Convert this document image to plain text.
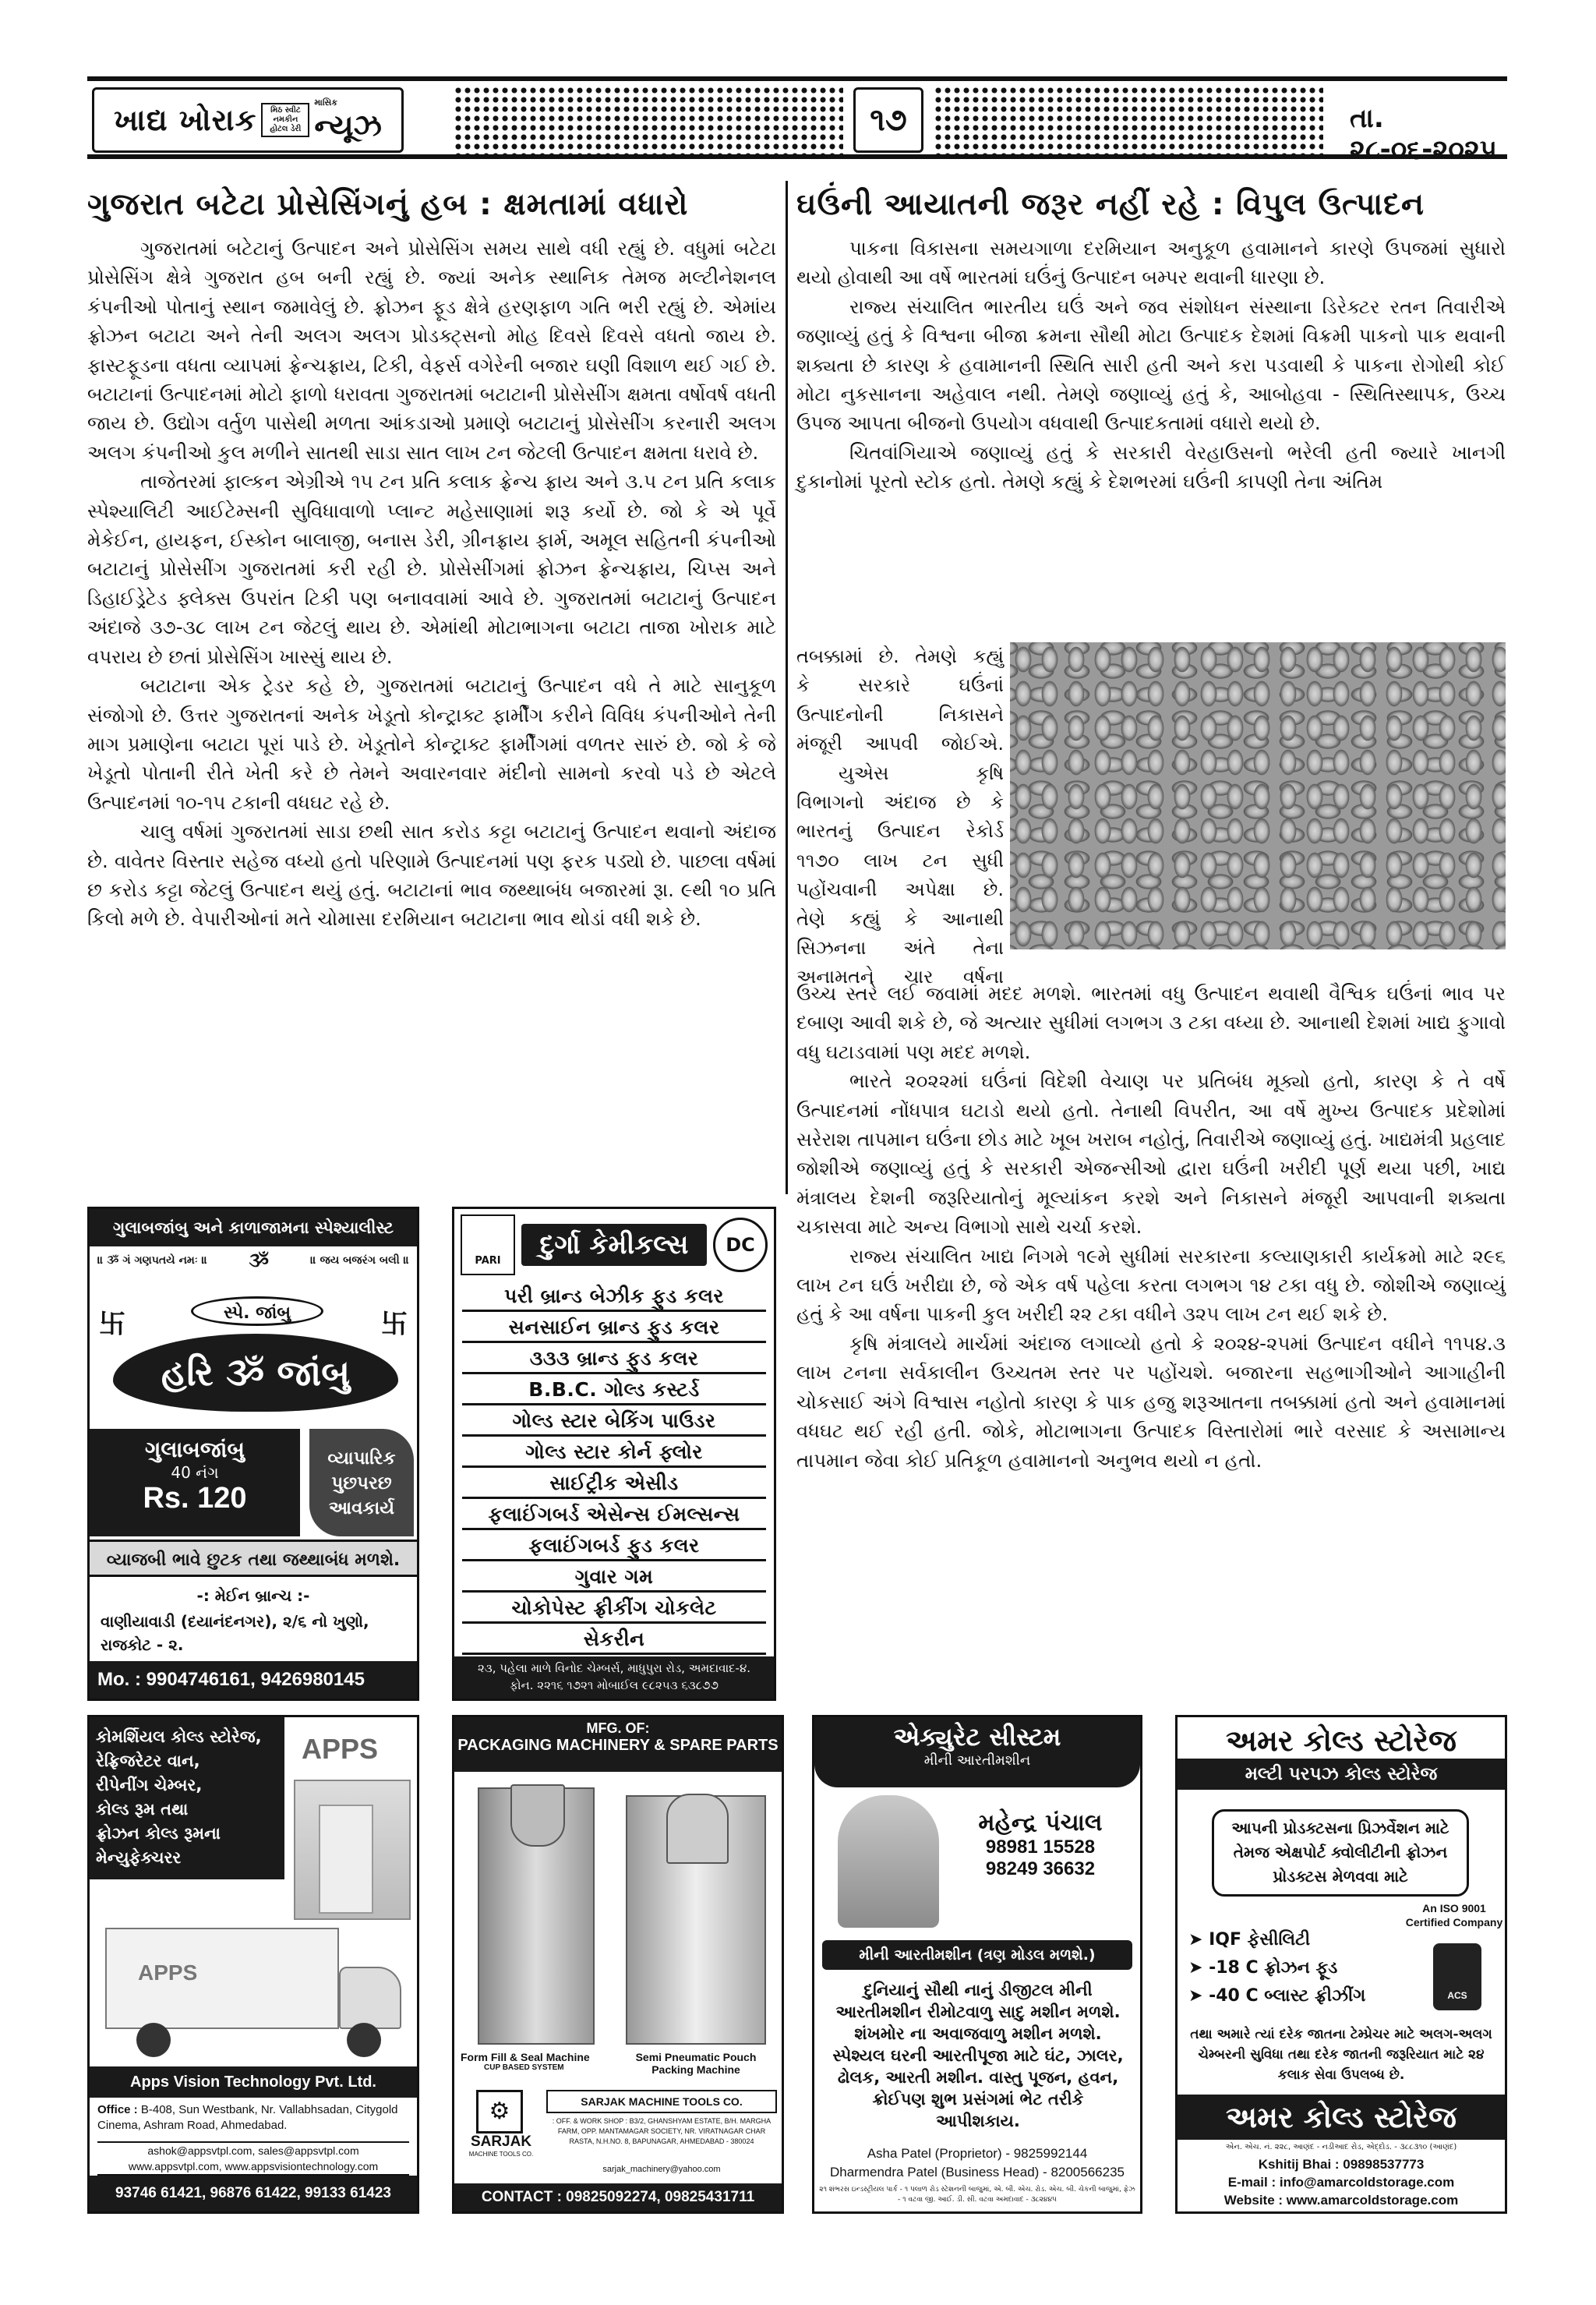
ખાદ્ય ખોરાક	મિઠ સ્વીટ નમકીન હોટલ ડેરી
માસિક
ન્યૂઝ	૧૭	તા. ૨૮-૦૬-૨૦૨૫
ગુજરાત બટેટા પ્રોસેસિંગનું હબ : ક્ષમતામાં વધારો

ગુજરાતમાં બટેટાનું ઉત્પાદન અને પ્રોસેસિંગ સમય સાથે વધી રહ્યું છે. વધુમાં બટેટા પ્રોસેસિંગ ક્ષેત્રે ગુજરાત હબ બની રહ્યું છે. જ્યાં અનેક સ્થાનિક તેમજ મલ્ટીનેશનલ કંપનીઓ પોતાનું સ્થાન જમાવેલું છે. ફ્રોઝન ફૂડ ક્ષેત્રે હરણફાળ ગતિ ભરી રહ્યું છે. એમાંય ફ્રોઝન બટાટા અને તેની અલગ અલગ પ્રોડક્ટ્સનો મોહ દિવસે દિવસે વધતો જાય છે. ફાસ્ટફૂડના વધતા વ્યાપમાં ફ્રેન્ચફ્રાય, ટિકી, વેફર્સ વગેરેની બજાર ઘણી વિશાળ થઈ ગઈ છે. બટાટાનાં ઉત્પાદનમાં મોટો ફાળો ધરાવતા ગુજરાતમાં બટાટાની પ્રોસેસીંગ ક્ષમતા વર્ષોવર્ષ વધતી જાય છે. ઉદ્યોગ વર્તુળ પાસેથી મળતા આંકડાઓ પ્રમાણે બટાટાનું પ્રોસેસીંગ કરનારી અલગ અલગ કંપનીઓ કુલ મળીને સાતથી સાડા સાત લાખ ટન જેટલી ઉત્પાદન ક્ષમતા ધરાવે છે.

તાજેતરમાં ફાલ્કન એગ્રીએ ૧૫ ટન પ્રતિ કલાક ફ્રેન્ચ ફ્રાય અને ૩.૫ ટન પ્રતિ કલાક સ્પેશ્યાલિટી આઈટેમ્સની સુવિધાવાળો પ્લાન્ટ મહેસાણામાં શરૂ કર્યો છે. જો કે એ પૂર્વે મેકેઈન, હાયફન, ઈસ્કોન બાલાજી, બનાસ ડેરી, ગ્રીનફ્રાય ફાર્મ, અમૂલ સહિતની કંપનીઓ બટાટાનું પ્રોસેસીંગ ગુજરાતમાં કરી રહી છે. પ્રોસેસીંગમાં ફ્રોઝન ફ્રેન્ચફ્રાય, ચિપ્સ અને ડિહાઈડ્રેટેડ ફ્લેક્સ ઉપરાંત ટિકી પણ બનાવવામાં આવે છે. ગુજરાતમાં બટાટાનું ઉત્પાદન અંદાજે ૩૭-૩૮ લાખ ટન જેટલું થાય છે. એમાંથી મોટાભાગના બટાટા તાજા ખોરાક માટે વપરાય છે છતાં પ્રોસેસિંગ ખાસ્સું થાય છે.

બટાટાના એક ટ્રેડર કહે છે, ગુજરાતમાં બટાટાનું ઉત્પાદન વધે તે માટે સાનુકૂળ સંજોગો છે. ઉત્તર ગુજરાતનાં અનેક ખેડૂતો કોન્ટ્રાક્ટ ફાર્મીંગ કરીને વિવિધ કંપનીઓને તેની માગ પ્રમાણેના બટાટા પૂરાં પાડે છે. ખેડૂતોને કોન્ટ્રાક્ટ ફાર્મીંગમાં વળતર સારું છે. જો કે જે ખેડૂતો પોતાની રીતે ખેતી કરે છે તેમને અવારનવાર મંદીનો સામનો કરવો પડે છે એટલે ઉત્પાદનમાં ૧૦-૧૫ ટકાની વધઘટ રહે છે.

ચાલુ વર્ષમાં ગુજરાતમાં સાડા છથી સાત કરોડ કટ્ટા બટાટાનું ઉત્પાદન થવાનો અંદાજ છે. વાવેતર વિસ્તાર સહેજ વધ્યો હતો પરિણામે ઉત્પાદનમાં પણ ફરક પડ્યો છે. પાછલા વર્ષમાં છ કરોડ કટ્ટા જેટલું ઉત્પાદન થયું હતું. બટાટાનાં ભાવ જથ્થાબંધ બજારમાં રૂા. ૯થી ૧૦ પ્રતિ કિલો મળે છે. વેપારીઓનાં મતે ચોમાસા દરમિયાન બટાટાના ભાવ થોડાં વધી શકે છે.

ઘઉંની આયાતની જરૂર નહીં રહે : વિપુલ ઉત્પાદન

પાકના વિકાસના સમયગાળા દરમિયાન અનુકૂળ હવામાનને કારણે ઉપજમાં સુધારો થયો હોવાથી આ વર્ષે ભારતમાં ઘઉંનું ઉત્પાદન બમ્પર થવાની ધારણા છે.

રાજ્ય સંચાલિત ભારતીય ઘઉં અને જવ સંશોધન સંસ્થાના ડિરેક્ટર રતન તિવારીએ જણાવ્યું હતું કે વિશ્વના બીજા ક્રમના સૌથી મોટા ઉત્પાદક દેશમાં વિક્રમી પાકનો પાક થવાની શક્યતા છે કારણ કે હવામાનની સ્થિતિ સારી હતી અને કરા પડવાથી કે પાકના રોગોથી કોઈ મોટા નુકસાનના અહેવાલ નથી. તેમણે જણાવ્યું હતું કે, આબોહવા - સ્થિતિસ્થાપક, ઉચ્ચ ઉપજ આપતા બીજનો ઉપયોગ વધવાથી ઉત્પાદકતામાં વધારો થયો છે.

ચિતવાંગિયાએ જણાવ્યું હતું કે સરકારી વેરહાઉસનો ભરેલી હતી જ્યારે ખાનગી દુકાનોમાં પૂરતો સ્ટોક હતો. તેમણે કહ્યું કે દેશભરમાં ઘઉંની કાપણી તેના અંતિમ

તબક્કામાં છે. તેમણે કહ્યું
કે સરકારે ઘઉંનાં
ઉત્પાદનોની નિકાસને
મંજૂરી આપવી જોઈએ.
યુએસ કૃષિ
વિભાગનો અંદાજ છે કે
ભારતનું ઉત્પાદન રેકોર્ડ
૧૧૭૦ લાખ ટન સુધી
પહોંચવાની અપેક્ષા છે.
તેણે કહ્યું કે આનાથી
સિઝનના અંતે તેના
અનામતને ચાર વર્ષના

ઉચ્ચ સ્તરે લઈ જવામાં મદદ મળશે. ભારતમાં વધુ ઉત્પાદન થવાથી વૈશ્વિક ઘઉંનાં ભાવ પર દબાણ આવી શકે છે, જે અત્યાર સુધીમાં લગભગ ૩ ટકા વધ્યા છે. આનાથી દેશમાં ખાદ્ય ફુગાવો વધુ ઘટાડવામાં પણ મદદ મળશે.

ભારતે ૨૦૨૨માં ઘઉંનાં વિદેશી વેચાણ પર પ્રતિબંધ મૂક્યો હતો, કારણ કે તે વર્ષે ઉત્પાદનમાં નોંધપાત્ર ઘટાડો થયો હતો. તેનાથી વિપરીત, આ વર્ષે મુખ્ય ઉત્પાદક પ્રદેશોમાં સરેરાશ તાપમાન ઘઉંના છોડ માટે ખૂબ ખરાબ નહોતું, તિવારીએ જણાવ્યું હતું. ખાદ્યમંત્રી પ્રહલાદ જોશીએ જણાવ્યું હતું કે સરકારી એજન્સીઓ દ્વારા ઘઉંની ખરીદી પૂર્ણ થયા પછી, ખાદ્ય મંત્રાલય દેશની જરૂરિયાતોનું મૂલ્યાંકન કરશે અને નિકાસને મંજૂરી આપવાની શક્યતા ચકાસવા માટે અન્ય વિભાગો સાથે ચર્ચા કરશે.

રાજ્ય સંચાલિત ખાદ્ય નિગમે ૧૯મે સુધીમાં સરકારના કલ્યાણકારી કાર્યક્રમો માટે ૨૯૬ લાખ ટન ઘઉં ખરીદ્યા છે, જે એક વર્ષ પહેલા કરતા લગભગ ૧૪ ટકા વધુ છે. જોશીએ જણાવ્યું હતું કે આ વર્ષના પાકની કુલ ખરીદી ૨૨ ટકા વધીને ૩૨૫ લાખ ટન થઈ શકે છે.

કૃષિ મંત્રાલયે માર્ચમાં અંદાજ લગાવ્યો હતો કે ૨૦૨૪-૨૫માં ઉત્પાદન વધીને ૧૧૫૪.૩ લાખ ટનના સર્વકાલીન ઉચ્ચતમ સ્તર પર પહોંચશે. બજારના સહભાગીઓને આગાહીની ચોકસાઈ અંગે વિશ્વાસ નહોતો કારણ કે પાક હજુ શરૂઆતના તબક્કામાં હતો અને હવામાનમાં વધઘટ થઈ રહી હતી. જોકે, મોટાભાગના ઉત્પાદક વિસ્તારોમાં ભારે વરસાદ કે અસામાન્ય તાપમાન જેવા કોઈ પ્રતિકૂળ હવામાનનો અનુભવ થયો ન હતો.

ગુલાબજાંબુ અને કાળાજામના સ્પેશ્યાલીસ્ટ
॥ ૐ ગં ગણપતયે નમઃ ॥ ૐ	॥ જય બજરંગ બલી ॥
卐	卐
સ્પે. જાંબુ
હરિ ૐ જાંબુ
ગુલાબજાંબુ
40 નંગ
Rs. 120
વ્યાપારિક પુછપરછ આવકાર્ય
વ્યાજબી ભાવે છુટક તથા જથ્થાબંધ મળશે.
-: મેઈન બ્રાન્ચ :-
વાણીયાવાડી (દયાનંદનગર), ૨/૬ નો ખુણો, રાજકોટ - ૨.
Mo. : 9904746161, 9426980145
PARI
દુર્ગા કેમીકલ્સ	DC
પરી બ્રાન્ડ બેઝીક ફુડ કલર
સનસાઈન બ્રાન્ડ ફુડ કલર
૩૩૩ બ્રાન્ડ ફુડ કલર
B.B.C. ગોલ્ડ કસ્ટર્ડ
ગોલ્ડ સ્ટાર બેકિંગ પાઉડર
ગોલ્ડ સ્ટાર કોર્ન ફ્લોર
સાઈટ્રીક એસીડ
ફલાઈંગબર્ડ એસેન્સ ઈમલ્સન્સ
ફલાઈંગબર્ડ ફુડ કલર
ગુવાર ગમ
ચોકોપેસ્ટ ફ્રીકીંગ ચોકલેટ
સેકરીન
૨૩, પહેલા માળે વિનોદ ચેમ્બર્સ, માધુપુરા રોડ, અમદાવાદ-૪.
ફોન. ૨૨૧૬ ૧૭૨૧ મોબાઈલ ૯૮૨૫૩ ૬૩૮૭૭
કોમર્શિયલ કોલ્ડ સ્ટોરેજ,
રેફ્રિજરેટર વાન,
રીપેનીંગ ચેમ્બર,
કોલ્ડ રૂમ તથા
ફ્રોઝન કોલ્ડ રૂમના
મેન્યુફેક્ચરર
APPS
APPS
Apps Vision Technology Pvt. Ltd.
Office : B-408, Sun Westbank, Nr. Vallabhsadan, Citygold Cinema, Ashram Road, Ahmedabad.
ashok@appsvtpl.com, sales@appsvtpl.com
www.appsvtpl.com, www.appsvisiontechnology.com
93746 61421, 96876 61422, 99133 61423
MFG. OF:
PACKAGING MACHINERY & SPARE PARTS
Form Fill & Seal Machine
CUP BASED SYSTEM
Semi Pneumatic Pouch Packing Machine
⚙
SARJAK
MACHINE TOOLS CO.
SARJAK MACHINE TOOLS CO.
: OFF. & WORK SHOP : B3/2, GHANSHYAM ESTATE, B/H. MARGHA FARM, OPP. MANTAMAGAR SOCIETY, NR. VIRATNAGAR CHAR RASTA, N.H.NO. 8, BAPUNAGAR, AHMEDABAD - 380024
sarjak_machinery@yahoo.com
CONTACT : 09825092274, 09825431711
એક્યુરેટ સીસ્ટમ
મીની આરતીમશીન
મહેન્દ્ર પંચાલ
98981 15528
98249 36632
મીની આરતીમશીન (ત્રણ મોડલ મળશે.)
દુનિયાનું સૌથી નાનું ડીજીટલ મીની આરતીમશીન રીમોટવાળુ સાદુ મશીન મળશે. શંખમોર ના અવાજવાળુ મશીન મળશે. સ્પેશ્યલ ઘરની આરતીપૂજા માટે ઘંટ, ઝાલર, ઢોલક, આરતી મશીન. વાસ્તુ પૂજન, હવન, ક્રોઈપણ શુભ પ્રસંગમાં ભેટ તરીકે આપીશકાય.
Asha Patel (Proprietor) - 9825992144
Dharmendra Patel (Business Head) - 8200566235
૨૧ શંભરસ ઇન્ડસ્ટ્રીયલ પાર્ક - ૧ પલાળ રોડ સ્ટેશનની બાજુમાં, એ. બી. એચ. રોડ. એચ. બી. ચેકની બાજુમાં, ફેઝ - ૧ વટવા જી. આઈ. ડી. સી. વટવા અમદાવાદ - ૩૮૨૪૪૫
અમર કોલ્ડ સ્ટોરેજ
મલ્ટી પરપઝ કોલ્ડ સ્ટોરેજ
આપની પ્રોડક્ટસના પ્રિઝર્વેશન માટે તેમજ એક્ષપોર્ટ ક્વોલીટીની ફ્રોઝન પ્રોડક્ટસ મેળવવા માટે
An ISO 9001 Certified Company
➤ IQF ફેસીલિટી
➤ -18 C ફ્રોઝન ફૂડ
➤ -40 C બ્લાસ્ટ ફ્રીઝીંગ	ACS
તથા અમારે ત્યાં દરેક જાતના ટેમ્પ્રેચર માટે અલગ-અલગ ચેમ્બરની સુવિધા તથા દરેક જાતની જરૂરિયાત માટે ૨૪ કલાક સેવા ઉપલબ્ધ છે.
અમર કોલ્ડ સ્ટોરેજ
એન. એચ. નં. ૨૨૮, આણંદ - નડીઆદ રોડ, એદ્દોડ. - ૩૮૮૩૧૦ (આણંદ)
Kshitij Bhai : 09898537773
E-mail : info@amarcoldstorage.com
Website : www.amarcoldstorage.com
